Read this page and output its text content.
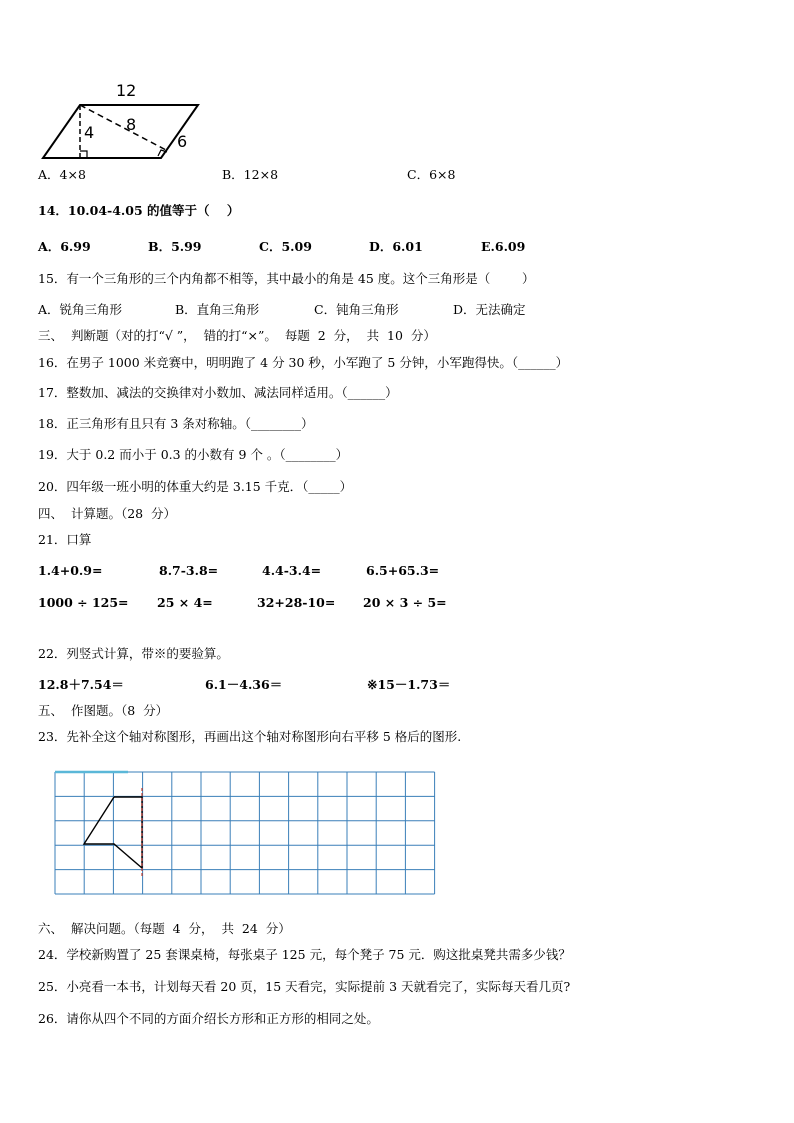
12
4 8
6
A．4×8	B．12×8	C．6×8
14．10.04-4.05 的值等于（    ）
A．6.99	B．5.99	C．5.09	D．6.01	E.6.09
15．有一个三角形的三个内角都不相等，其中最小的角是 45 度。这个三角形是（        ）
A．锐角三角形	B．直角三角形	C．钝角三角形	D．无法确定
三、  判断题（对的打“√ ”，  错的打“×”。  每题  2  分，  共  10  分）
16．在男子 1000 米竞赛中，明明跑了 4 分 30 秒，小军跑了 5 分钟，小军跑得快。（______）
17．整数加、减法的交换律对小数加、减法同样适用。（______）
18．正三角形有且只有 3 条对称轴。（________）
19．大于 0.2 而小于 0.3 的小数有 9 个 。（________）
20．四年级一班小明的体重大约是 3.15 千克．（_____）
四、  计算题。（28  分）
21．口算
1.4+0.9=	8.7-3.8=	4.4-3.4=	6.5+65.3=
1000 ÷ 125= 25 × 4=	32+28-10= 20 × 3 ÷ 5=
22．列竖式计算，带※的要验算。
12.8＋7.54＝	6.1－4.36＝	※15－1.73＝
五、  作图题。（8  分）
23．先补全这个轴对称图形，再画出这个轴对称图形向右平移 5 格后的图形.
六、  解决问题。（每题  4  分，  共  24  分）
24．学校新购置了 25 套课桌椅，每张桌子 125 元，每个凳子 75 元．购这批桌凳共需多少钱？
25．小亮看一本书，计划每天看 20 页，15 天看完，实际提前 3 天就看完了，实际每天看几页?
26．请你从四个不同的方面介绍长方形和正方形的相同之处。
